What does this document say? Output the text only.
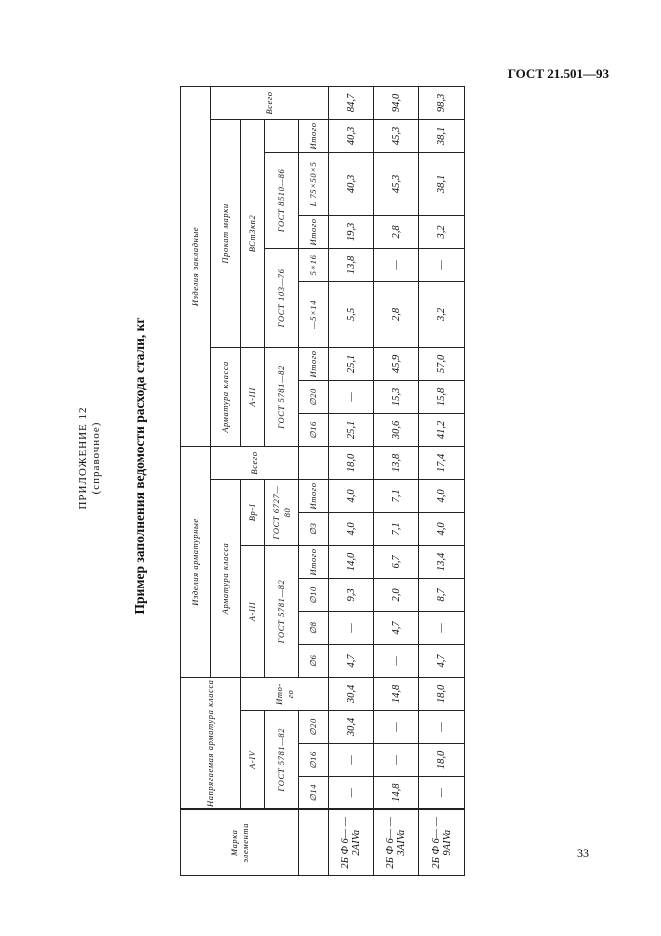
ГОСТ 21.501—93
ПРИЛОЖЕНИЕ 12 (справочное) Пример заполнения ведомости расхода стали, кг
Марка элемента	Напрягаемая арматура класса				Изделия арматурные							Изделия закладные								
					Арматура класса						Всего	Арматура класса			Прокат марки					Всего
	A-IV			Ито- го	A-III				Bp-I			A-III			ВСт3кп2					
	ГОСТ 5781—82				ГОСТ 5781—82				ГОСТ 6727—80			ГОСТ 5781—82			ГОСТ 103—76		ГОСТ 8510—86			
	∅14	∅16	∅20		∅6	∅8	∅10	Итого	∅3	Итого		∅16	∅20	Итого	—5×14	5×16	Итого	L 75×50×5	Итого	
2Б Ф 6— —2AIVa	—	—	30,4	30,4	4,7	—	9,3	14,0	4,0	4,0	18,0	25,1	—	25,1	5,5	13,8	19,3	40,3	40,3	84,7
2Б Ф 6— —3AIVa	14,8	—	—	14,8	—	4,7	2,0	6,7	7,1	7,1	13,8	30,6	15,3	45,9	2,8	—	2,8	45,3	45,3	94,0
2Б Ф 6— —9AIVa	—	18,0	—	18,0	4,7	—	8,7	13,4	4,0	4,0	17,4	41,2	15,8	57,0	3,2	—	3,2	38,1	38,1	98,3
33
